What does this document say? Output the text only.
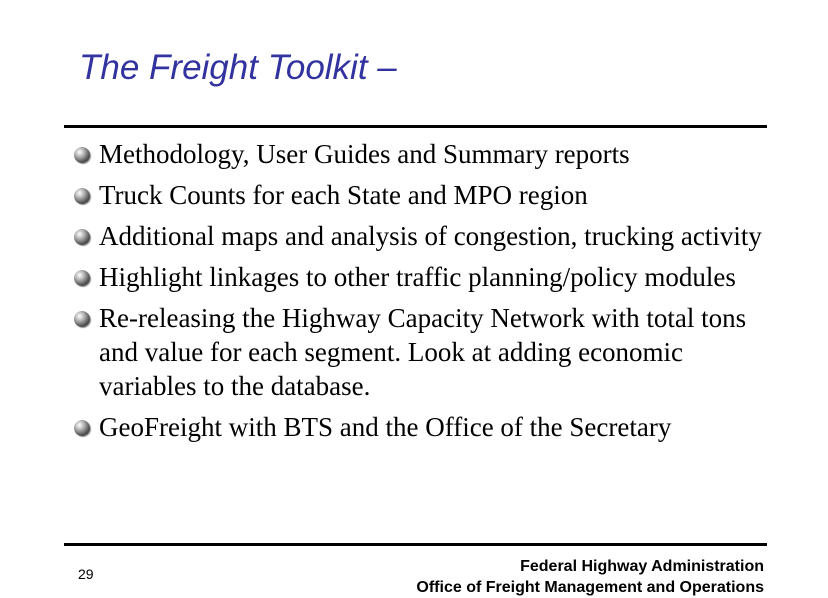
The Freight Toolkit –
Methodology, User Guides and Summary reports
Truck Counts for each State and MPO region
Additional maps and analysis of congestion, trucking activity
Highlight linkages to other traffic planning/policy modules
Re-releasing the Highway Capacity Network with total tons and value for each segment. Look at adding economic variables to the database.
GeoFreight with BTS and the Office of the Secretary
29	Federal Highway Administration
Office of Freight Management and Operations
